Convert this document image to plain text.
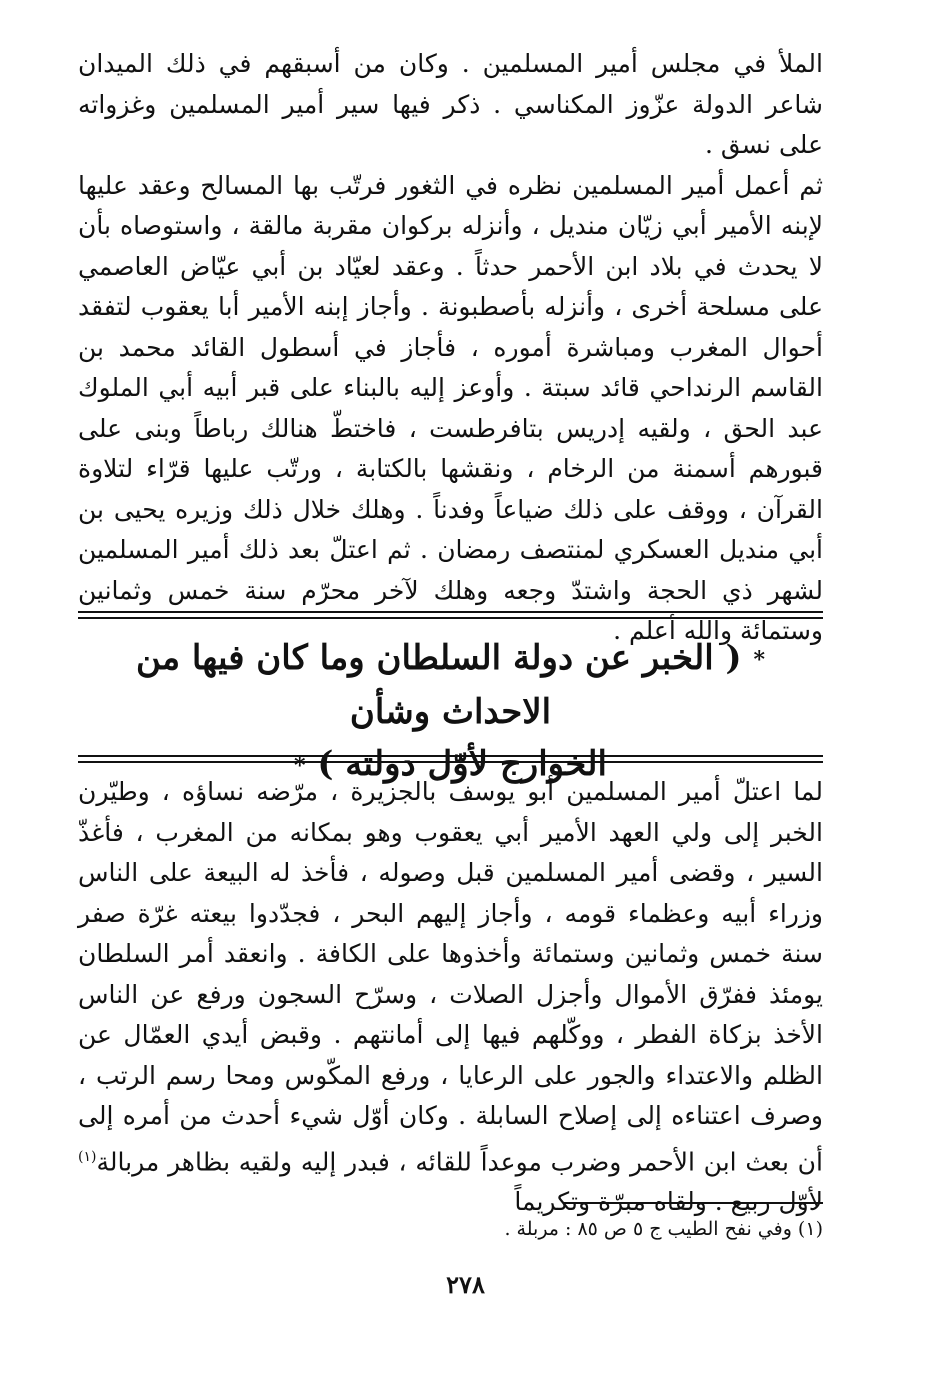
الملأ في مجلس أمير المسلمين . وكان من أسبقهم في ذلك الميدان شاعر الدولة عزّوز المكناسي . ذكر فيها سير أمير المسلمين وغزواته على نسق .

ثم أعمل أمير المسلمين نظره في الثغور فرتّب بها المسالح وعقد عليها لإبنه الأمير أبي زيّان منديل ، وأنزله بركوان مقربة مالقة ، واستوصاه بأن لا يحدث في بلاد ابن الأحمر حدثاً . وعقد لعيّاد بن أبي عيّاض العاصمي على مسلحة أخرى ، وأنزله بأصطبونة . وأجاز إبنه الأمير أبا يعقوب لتفقد أحوال المغرب ومباشرة أموره ، فأجاز في أسطول القائد محمد بن القاسم الرنداحي قائد سبتة . وأوعز إليه بالبناء على قبر أبيه أبي الملوك عبد الحق ، ولقيه إدريس بتافرطست ، فاختطّ هنالك رباطاً وبنى على قبورهم أسمنة من الرخام ، ونقشها بالكتابة ، ورتّب عليها قرّاء لتلاوة القرآن ، ووقف على ذلك ضياعاً وفدناً . وهلك خلال ذلك وزيره يحيى بن أبي منديل العسكري لمنتصف رمضان . ثم اعتلّ بعد ذلك أمير المسلمين لشهر ذي الحجة واشتدّ وجعه وهلك لآخر محرّم سنة خمس وثمانين وستمائة والله أعلم .

* ( الخبر عن دولة السلطان وما كان فيها من الاحداث وشأن
الخوارج لأوّل دولته ) *

لما اعتلّ أمير المسلمين أبو يوسف بالجزيرة ، مرّضه نساؤه ، وطيّرن الخبر إلى ولي العهد الأمير أبي يعقوب وهو بمكانه من المغرب ، فأغذّ السير ، وقضى أمير المسلمين قبل وصوله ، فأخذ له البيعة على الناس وزراء أبيه وعظماء قومه ، وأجاز إليهم البحر ، فجدّدوا بيعته غرّة صفر سنة خمس وثمانين وستمائة وأخذوها على الكافة . وانعقد أمر السلطان يومئذ ففرّق الأموال وأجزل الصلات ، وسرّح السجون ورفع عن الناس الأخذ بزكاة الفطر ، ووكّلهم فيها إلى أمانتهم . وقبض أيدي العمّال عن الظلم والاعتداء والجور على الرعايا ، ورفع المكّوس ومحا رسم الرتب ، وصرف اعتناءه إلى إصلاح السابلة . وكان أوّل شيء أحدث من أمره إلى أن بعث ابن الأحمر وضرب موعداً للقائه ، فبدر إليه ولقيه بظاهر مربالة$^{(١)}$ لأوّل ربيع . ولقاه مبرّة وتكريماً

(١) وفي نفح الطيب ج ٥ ص ٨٥ : مربلة .
٢٧٨
